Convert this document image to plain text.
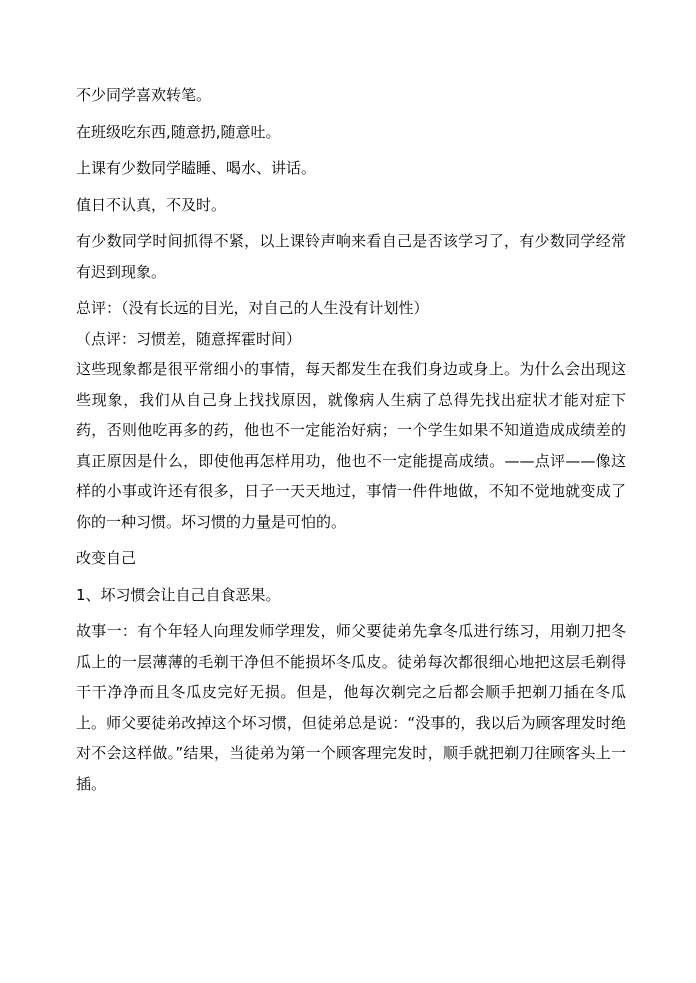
不少同学喜欢转笔。

在班级吃东西,随意扔,随意吐。

上课有少数同学瞌睡、喝水、讲话。

值日不认真，不及时。

有少数同学时间抓得不紧，以上课铃声响来看自己是否该学习了，有少数同学经常有迟到现象。

总评：（没有长远的目光，对自己的人生没有计划性）

（点评：习惯差，随意挥霍时间）

这些现象都是很平常细小的事情，每天都发生在我们身边或身上。为什么会出现这些现象，我们从自己身上找找原因，就像病人生病了总得先找出症状才能对症下药，否则他吃再多的药，他也不一定能治好病；一个学生如果不知道造成成绩差的真正原因是什么，即使他再怎样用功，他也不一定能提高成绩。——点评——像这样的小事或许还有很多，日子一天天地过，事情一件件地做，不知不觉地就变成了你的一种习惯。坏习惯的力量是可怕的。

改变自己

1、坏习惯会让自己自食恶果。

故事一：有个年轻人向理发师学理发，师父要徒弟先拿冬瓜进行练习，用剃刀把冬瓜上的一层薄薄的毛剃干净但不能损坏冬瓜皮。徒弟每次都很细心地把这层毛剃得干干净净而且冬瓜皮完好无损。但是，他每次剃完之后都会顺手把剃刀插在冬瓜上。师父要徒弟改掉这个坏习惯，但徒弟总是说：“没事的，我以后为顾客理发时绝对不会这样做。”结果，当徒弟为第一个顾客理完发时，顺手就把剃刀往顾客头上一插。
